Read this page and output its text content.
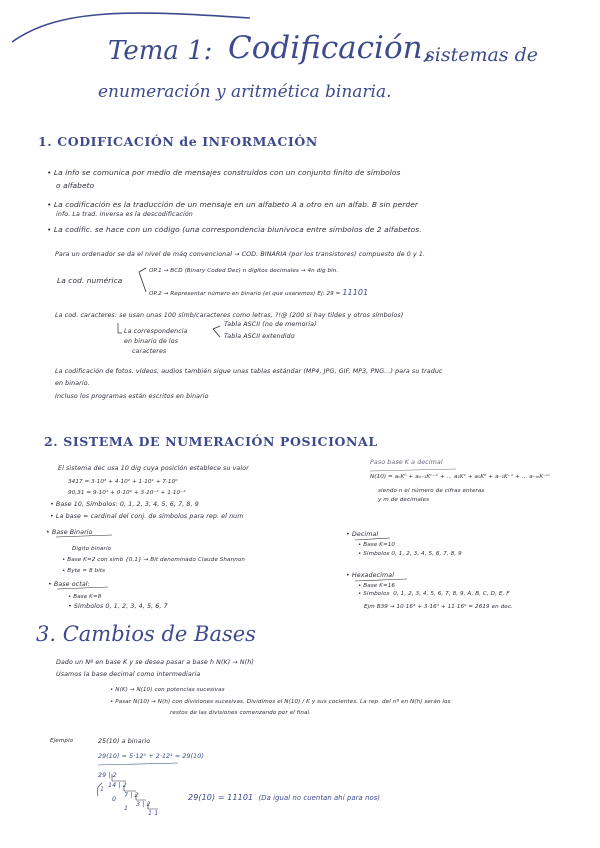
Tema 1: Codificación,
sistemas de
enumeración y aritmética binaria.
1. CODIFICACIÓN de INFORMACIÓN
• La info se comunica por medio de mensajes construidos con un conjunto finito de símbolos
o alfabeto
• La codificación es la traducción de un mensaje en un alfabeto A a otro en un alfab. B sin perder
info. La trad. inversa es la descodificación
• La codific. se hace con un código (una correspondencia biunívoca entre símbolos de 2 alfabetos.
Para un ordenador se da el nivel de máq convencional → COD. BINARIA (por los transistores) compuesto de 0 y 1.
La cod. numérica
OP.1 → BCD (Binary Coded Dec) n dígitos decimales → 4n dig bin.
OP.2 → Representar número en binario (el que usaremos) Ej: 29 = 11101
La cod. caracteres: se usan unas 100 símb/caracteres como letras, ?!@ (200 si hay tildes y otros símbolos)
La correspondencia
en binario de los
caracteres
Tabla ASCII (no de memoria)
Tabla ASCII extendido
La codificación de fotos, vídeos, audios también sigue unas tablas estándar (MP4, JPG, GIF, MP3, PNG...) para su traduc
en binario.
Incluso los programas están escritos en binario
2. SISTEMA DE NUMERACIÓN POSICIONAL
El sistema dec usa 10 dig cuya posición establece su valor
3417 = 3·10³ + 4·10² + 1·10¹ + 7·10⁰
90,31 = 9·10¹ + 0·10⁰ + 3·10⁻¹ + 1·10⁻²
• Base 10, Símbolos: 0, 1, 2, 3, 4, 5, 6, 7, 8, 9
• La base = cardinal del conj. de símbolos para rep. el num
Paso base K a decimal
N(10) = aₙKⁿ + aₙ₋₁Kⁿ⁻¹ + ... a₁K¹ + a₀K⁰ + a₋₁K⁻¹ + ... a₋ₘK⁻ᵐ
siendo n el número de cifras enteras
y m de decimales
• Base Binario
Dígito binario
• Base K=2 con símb {0,1} → Bit denominado Claude Shannon
• Byte = 8 bits
• Base octal:
• Base K=8
• Símbolos 0, 1, 2, 3, 4, 5, 6, 7
• Decimal
• Base K=10
• Símbolos 0, 1, 2, 3, 4, 5, 6, 7, 8, 9
• Hexadecimal
• Base K=16
• Símbolos 0, 1, 2, 3, 4, 5, 6, 7, 8, 9, A, B, C, D, E, F
Ejm B39 → 10·16² + 3·16¹ + 11·16⁰ = 2619 en dec.
3. Cambios de Bases
Dado un Nº en base K y se desea pasar a base h N(K) → N(h)
Usamos la base decimal como intermediaria
• N(K) → N(10) con potencias sucesivas
• Pasar N(10) → N(h) con divisiones sucesivas. Dividimos el N(10) / K y sus cocientes. La rep. del nº en N(h) serán los
restos de las divisiones comenzando por el final.
Ejemplo	25(10) a binario
29(10) = 5·12⁰ + 2·12¹ = 29(10)
29 | 2
14 | 2
7 | 2
3 | 2
1
0
1
1 1
29(10) = 11101 (Da igual no cuentan ahí para nos)
